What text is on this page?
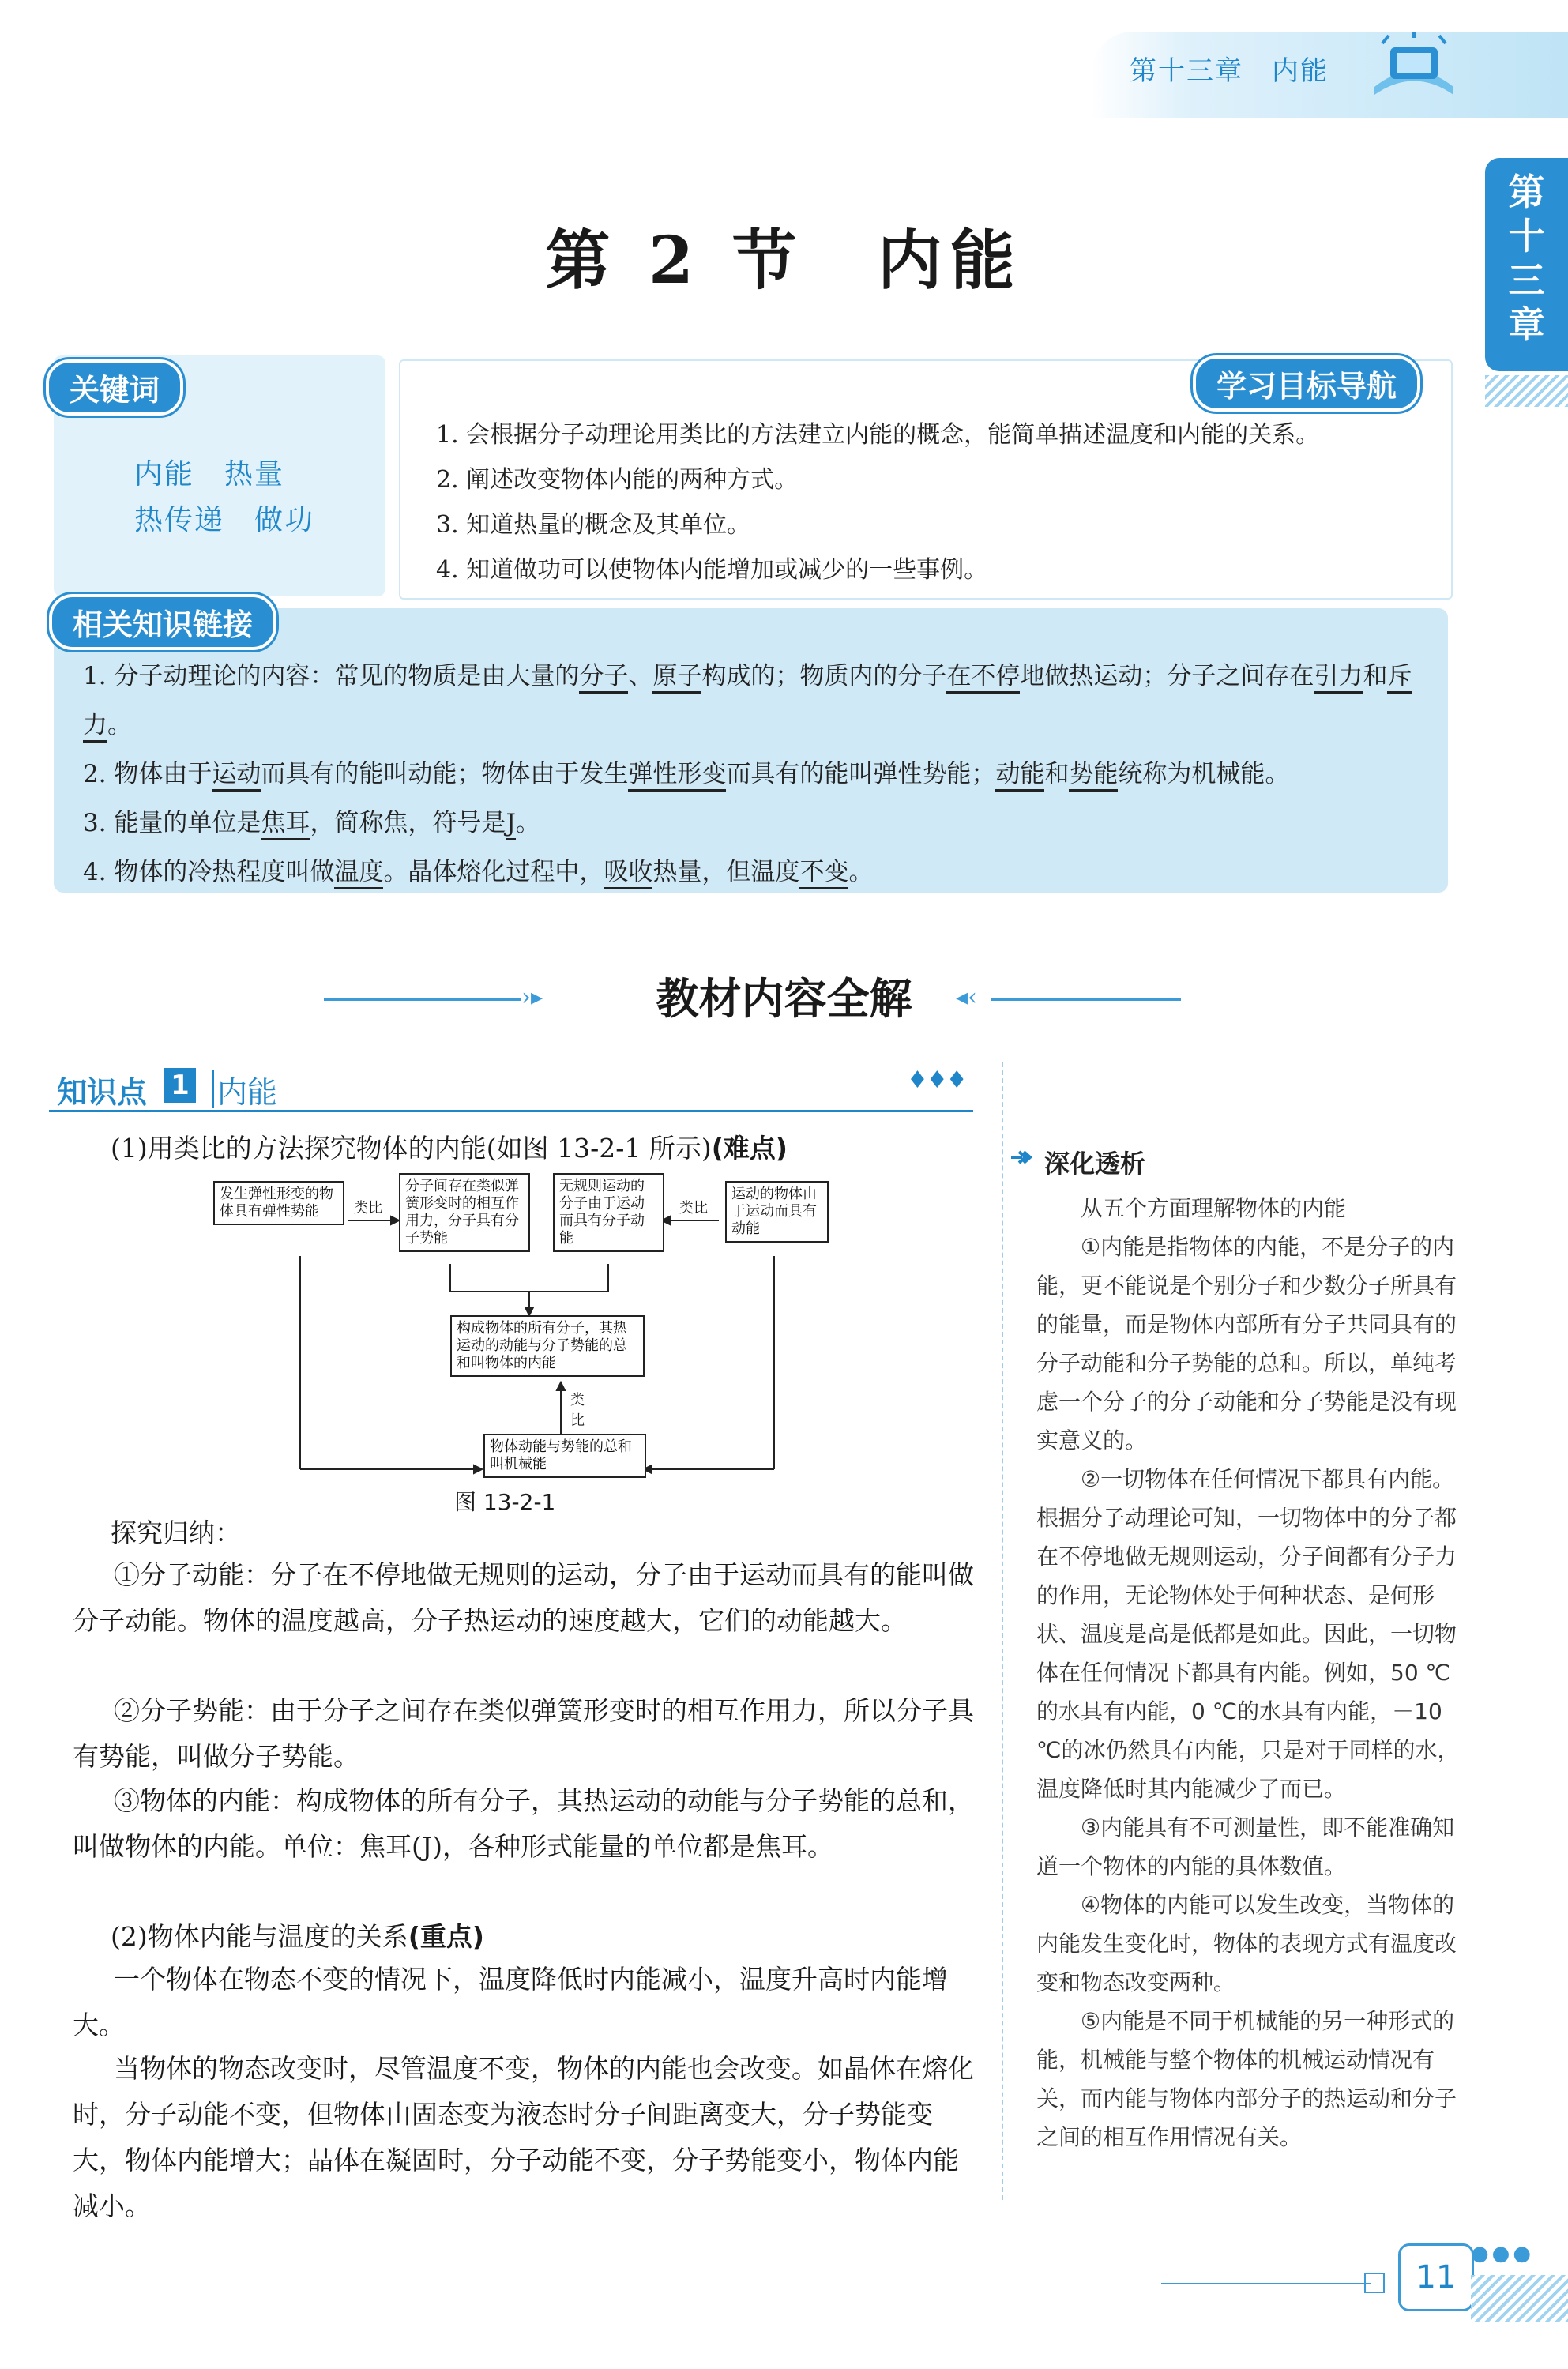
第十三章　内能
第十三章
第 2 节　内能
关键词	学习目标导航
内能　热量
热传递　做功
1. 会根据分子动理论用类比的方法建立内能的概念，能简单描述温度和内能的关系。
2. 阐述改变物体内能的两种方式。
3. 知道热量的概念及其单位。
4. 知道做功可以使物体内能增加或减少的一些事例。
相关知识链接
1. 分子动理论的内容：常见的物质是由大量的分子、原子构成的；物质内的分子在不停地做热运动；分子之间存在引力和斥力。
2. 物体由于运动而具有的能叫动能；物体由于发生弹性形变而具有的能叫弹性势能；动能和势能统称为机械能。
3. 能量的单位是焦耳，简称焦，符号是J。
4. 物体的冷热程度叫做温度。晶体熔化过程中，吸收热量，但温度不变。
›▸	教材内容全解	◂‹
知识点 1 内能	♦♦♦
(1)用类比的方法探究物体的内能(如图 13-2-1 所示)(难点)
发生弹性形变的物体具有弹性势能
分子间存在类似弹簧形变时的相互作用力，分子具有分子势能
无规则运动的分子由于运动而具有分子动能
运动的物体由于运动而具有动能
构成物体的所有分子，其热运动的动能与分子势能的总和叫物体的内能
物体动能与势能的总和叫机械能
类比	类比
类比
图 13-2-1
探究归纳：
①分子动能：分子在不停地做无规则的运动，分子由于运动而具有的能叫做分子动能。物体的温度越高，分子热运动的速度越大，它们的动能越大。
②分子势能：由于分子之间存在类似弹簧形变时的相互作用力，所以分子具有势能，叫做分子势能。
③物体的内能：构成物体的所有分子，其热运动的动能与分子势能的总和，叫做物体的内能。单位：焦耳(J)，各种形式能量的单位都是焦耳。
(2)物体内能与温度的关系(重点)
一个物体在物态不变的情况下，温度降低时内能减小，温度升高时内能增大。
当物体的物态改变时，尽管温度不变，物体的内能也会改变。如晶体在熔化时，分子动能不变，但物体由固态变为液态时分子间距离变大，分子势能变大，物体内能增大；晶体在凝固时，分子动能不变，分子势能变小，物体内能减小。
深化透析

从五个方面理解物体的内能

①内能是指物体的内能，不是分子的内能，更不能说是个别分子和少数分子所具有的能量，而是物体内部所有分子共同具有的分子动能和分子势能的总和。所以，单纯考虑一个分子的分子动能和分子势能是没有现实意义的。

②一切物体在任何情况下都具有内能。根据分子动理论可知，一切物体中的分子都在不停地做无规则运动，分子间都有分子力的作用，无论物体处于何种状态、是何形状、温度是高是低都是如此。因此，一切物体在任何情况下都具有内能。例如，50 ℃的水具有内能，0 ℃的水具有内能，－10 ℃的冰仍然具有内能，只是对于同样的水，温度降低时其内能减少了而已。

③内能具有不可测量性，即不能准确知道一个物体的内能的具体数值。

④物体的内能可以发生改变，当物体的内能发生变化时，物体的表现方式有温度改变和物态改变两种。

⑤内能是不同于机械能的另一种形式的能，机械能与整个物体的机械运动情况有关，而内能与物体内部分子的热运动和分子之间的相互作用情况有关。

11
●●●
